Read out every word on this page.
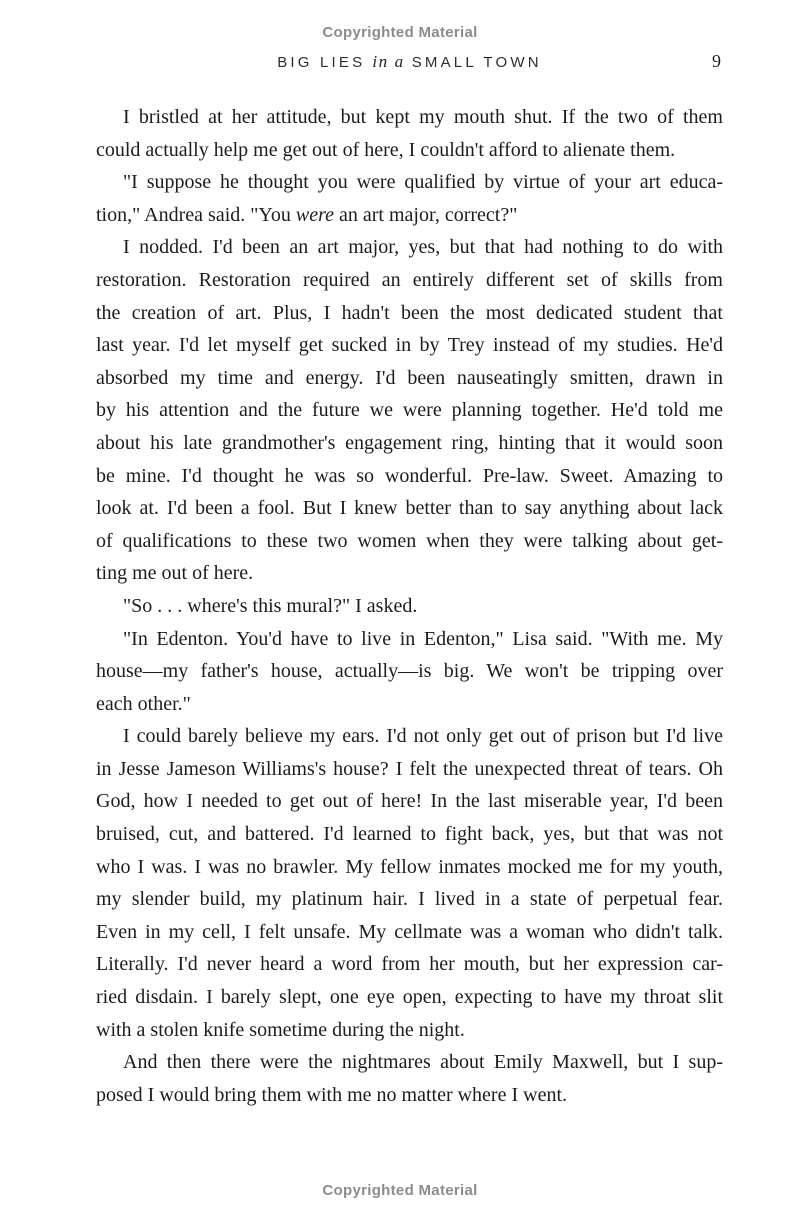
Copyrighted Material
BIG LIES in a SMALL TOWN	9
I bristled at her attitude, but kept my mouth shut. If the two of them
could actually help me get out of here, I couldn't afford to alienate them.
"I suppose he thought you were qualified by virtue of your art educa-
tion," Andrea said. "You were an art major, correct?"
I nodded. I'd been an art major, yes, but that had nothing to do with
restoration. Restoration required an entirely different set of skills from
the creation of art. Plus, I hadn't been the most dedicated student that
last year. I'd let myself get sucked in by Trey instead of my studies. He'd
absorbed my time and energy. I'd been nauseatingly smitten, drawn in
by his attention and the future we were planning together. He'd told me
about his late grandmother's engagement ring, hinting that it would soon
be mine. I'd thought he was so wonderful. Pre-law. Sweet. Amazing to
look at. I'd been a fool. But I knew better than to say anything about lack
of qualifications to these two women when they were talking about get-
ting me out of here.
"So . . . where's this mural?" I asked.
"In Edenton. You'd have to live in Edenton," Lisa said. "With me. My
house—my father's house, actually—is big. We won't be tripping over
each other."
I could barely believe my ears. I'd not only get out of prison but I'd live
in Jesse Jameson Williams's house? I felt the unexpected threat of tears. Oh
God, how I needed to get out of here! In the last miserable year, I'd been
bruised, cut, and battered. I'd learned to fight back, yes, but that was not
who I was. I was no brawler. My fellow inmates mocked me for my youth,
my slender build, my platinum hair. I lived in a state of perpetual fear.
Even in my cell, I felt unsafe. My cellmate was a woman who didn't talk.
Literally. I'd never heard a word from her mouth, but her expression car-
ried disdain. I barely slept, one eye open, expecting to have my throat slit
with a stolen knife sometime during the night.
And then there were the nightmares about Emily Maxwell, but I sup-
posed I would bring them with me no matter where I went.
Copyrighted Material
